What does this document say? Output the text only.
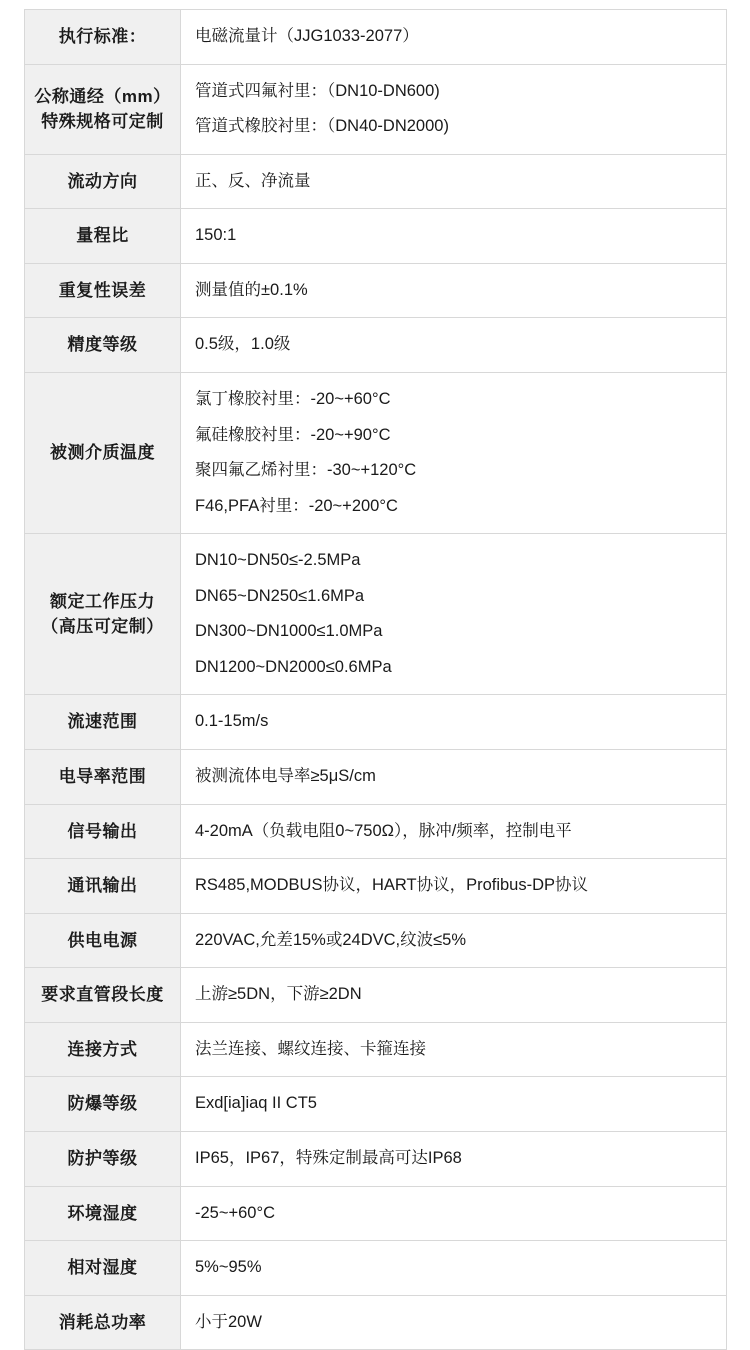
执行标准：	电磁流量计（JJG1033-2077）

公称通经（mm）
特殊规格可定制	管道式四氟衬里：（DN10-DN600)
管道式橡胶衬里：（DN40-DN2000)

流动方向	正、反、净流量

量程比	150:1

重复性误差	测量值的±0.1%

精度等级	0.5级，1.0级

被测介质温度	氯丁橡胶衬里：-20~+60°C
氟硅橡胶衬里：-20~+90°C
聚四氟乙烯衬里：-30~+120°C
F46,PFA衬里：-20~+200°C

额定工作压力
（高压可定制）	DN10~DN50≤-2.5MPa
DN65~DN250≤1.6MPa
DN300~DN1000≤1.0MPa
DN1200~DN2000≤0.6MPa

流速范围	0.1-15m/s

电导率范围	被测流体电导率≥5μS/cm

信号输出	4-20mA（负载电阻0~750Ω），脉冲/频率，控制电平

通讯输出	RS485,MODBUS协议，HART协议，Profibus-DP协议

供电电源	220VAC,允差15%或24DVC,纹波≤5%

要求直管段长度	上游≥5DN，下游≥2DN

连接方式	法兰连接、螺纹连接、卡箍连接

防爆等级	Exd[ia]iaq II CT5

防护等级	IP65，IP67，特殊定制最高可达IP68

环境湿度	-25~+60°C

相对湿度	5%~95%

消耗总功率	小于20W
